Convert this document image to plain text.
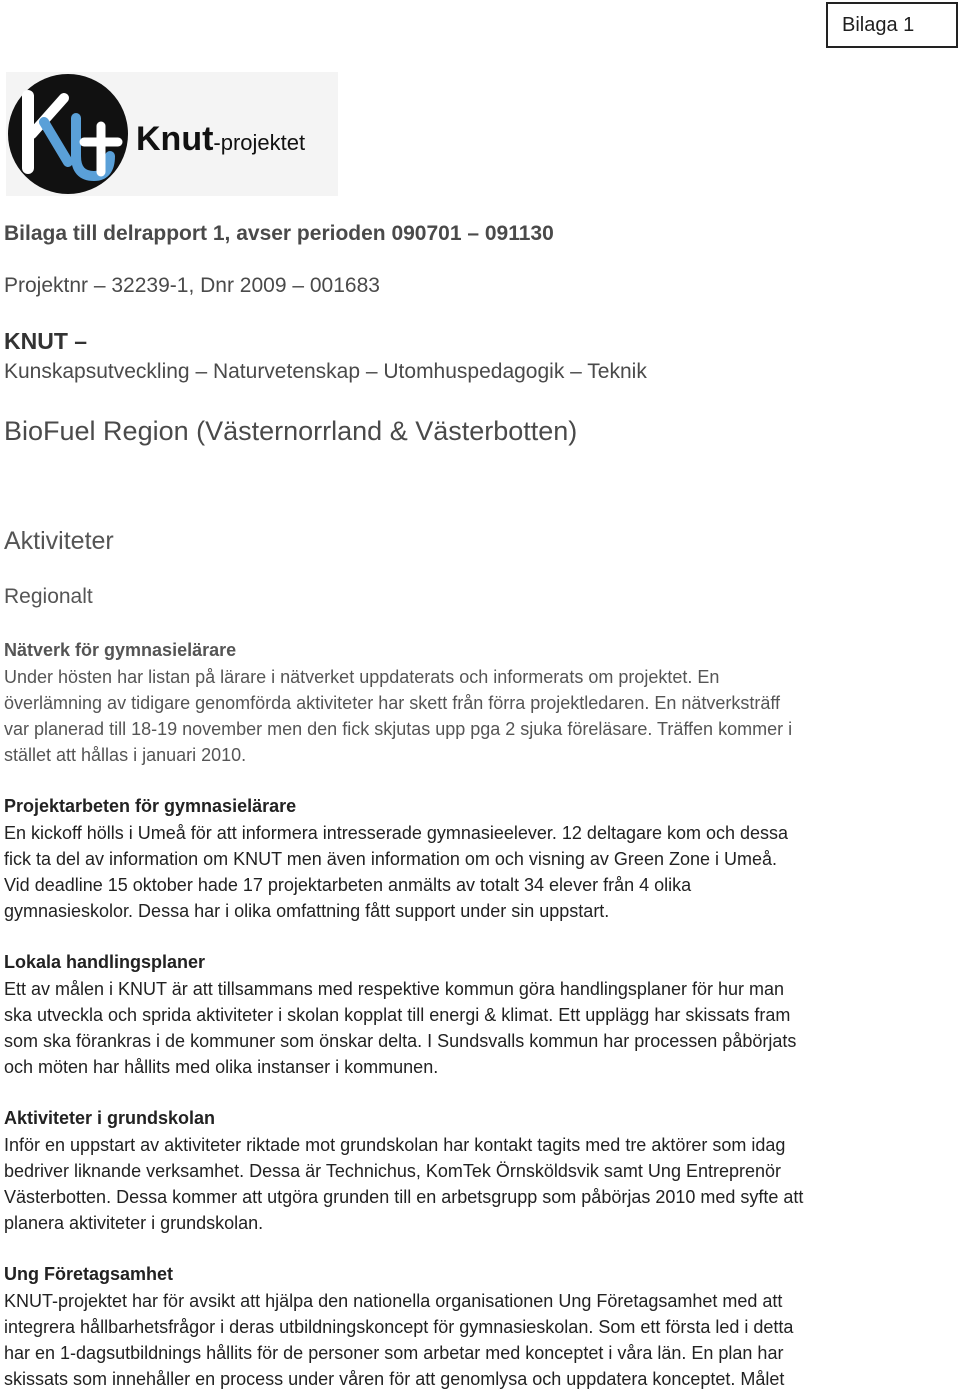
Bilaga 1
Knut-projektet
Bilaga till delrapport 1, avser perioden 090701 – 091130
Projektnr – 32239-1, Dnr 2009 – 001683
KNUT –
Kunskapsutveckling – Naturvetenskap – Utomhuspedagogik – Teknik
BioFuel Region (Västernorrland & Västerbotten)
Aktiviteter
Regionalt
Nätverk för gymnasielärare

Under hösten har listan på lärare i nätverket uppdaterats och informerats om projektet. En

överlämning av tidigare genomförda aktiviteter har skett från förra projektledaren. En nätverksträff

var planerad till 18-19 november men den fick skjutas upp pga 2 sjuka föreläsare. Träffen kommer i

stället att hållas i januari 2010.

Projektarbeten för gymnasielärare

En kickoff hölls i Umeå för att informera intresserade gymnasieelever. 12 deltagare kom och dessa

fick ta del av information om KNUT men även information om och visning av Green Zone i Umeå.

Vid deadline 15 oktober hade 17 projektarbeten anmälts av totalt 34 elever från 4 olika

gymnasieskolor. Dessa har i olika omfattning fått support under sin uppstart.

Lokala handlingsplaner

Ett av målen i KNUT är att tillsammans med respektive kommun göra handlingsplaner för hur man

ska utveckla och sprida aktiviteter i skolan kopplat till energi & klimat. Ett upplägg har skissats fram

som ska förankras i de kommuner som önskar delta. I Sundsvalls kommun har processen påbörjats

och möten har hållits med olika instanser i kommunen.

Aktiviteter i grundskolan

Inför en uppstart av aktiviteter riktade mot grundskolan har kontakt tagits med tre aktörer som idag

bedriver liknande verksamhet. Dessa är Technichus, KomTek Örnsköldsvik samt Ung Entreprenör

Västerbotten. Dessa kommer att utgöra grunden till en arbetsgrupp som påbörjas 2010 med syfte att

planera aktiviteter i grundskolan.

Ung Företagsamhet

KNUT-projektet har för avsikt att hjälpa den nationella organisationen Ung Företagsamhet med att

integrera hållbarhetsfrågor i deras utbildningskoncept för gymnasieskolan. Som ett första led i detta

har en 1-dagsutbildnings hållits för de personer som arbetar med konceptet i våra län. En plan har

skissats som innehåller en process under våren för att genomlysa och uppdatera konceptet. Målet
